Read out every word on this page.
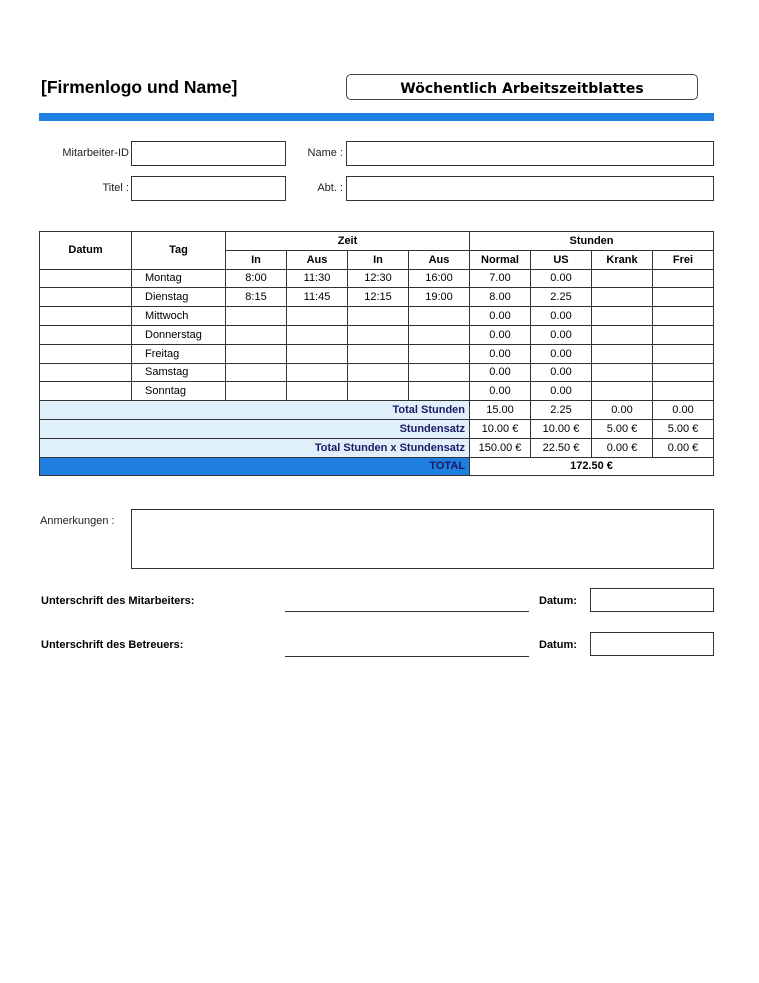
[Firmenlogo und Name]	Wöchentlich Arbeitszeitblattes
Mitarbeiter-ID	Name :
Titel :	Abt. :
Datum	Tag	Zeit				Stunden			
		In	Aus	In	Aus	Normal	US	Krank	Frei
	Montag	8:00	11:30	12:30	16:00	7.00	0.00		
	Dienstag	8:15	11:45	12:15	19:00	8.00	2.25		
	Mittwoch					0.00	0.00		
	Donnerstag					0.00	0.00		
	Freitag					0.00	0.00		
	Samstag					0.00	0.00		
	Sonntag					0.00	0.00		
Total Stunden						15.00	2.25	0.00	0.00
Stundensatz						10.00 €	10.00 €	5.00 €	5.00 €
Total Stunden x Stundensatz						150.00 €	22.50 €	0.00 €	0.00 €
TOTAL						172.50 €			
Anmerkungen :
Unterschrift des Mitarbeiters:	Datum:
Unterschrift des Betreuers:	Datum:
